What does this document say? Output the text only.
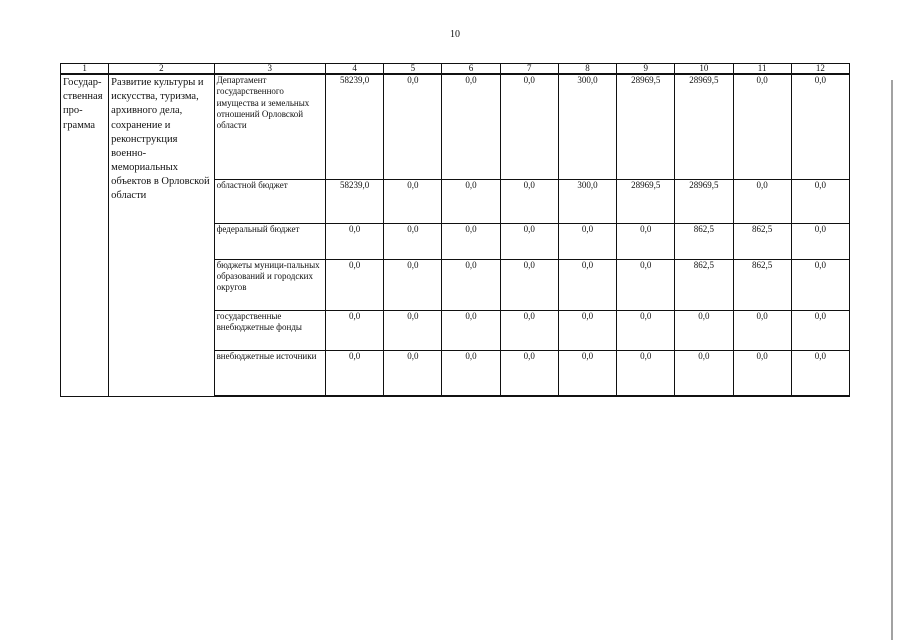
10
1	2	3	4	5	6	7	8	9	10	11	12
Государ-ственная про-грамма	Развитие культуры и искусства, туризма, архивного дела, сохранение и реконструкция военно-мемориальных объектов в Орловской области	Департамент государственного имущества и земельных отношений Орловской области	58239,0	0,0	0,0	0,0	300,0	28969,5	28969,5	0,0	0,0
		областной бюджет	58239,0	0,0	0,0	0,0	300,0	28969,5	28969,5	0,0	0,0
		федеральный бюджет	0,0	0,0	0,0	0,0	0,0	0,0	862,5	862,5	0,0
		бюджеты муници-пальных образований и городских округов	0,0	0,0	0,0	0,0	0,0	0,0	862,5	862,5	0,0
		государственные внебюджетные фонды	0,0	0,0	0,0	0,0	0,0	0,0	0,0	0,0	0,0
		внебюджетные источники	0,0	0,0	0,0	0,0	0,0	0,0	0,0	0,0	0,0
